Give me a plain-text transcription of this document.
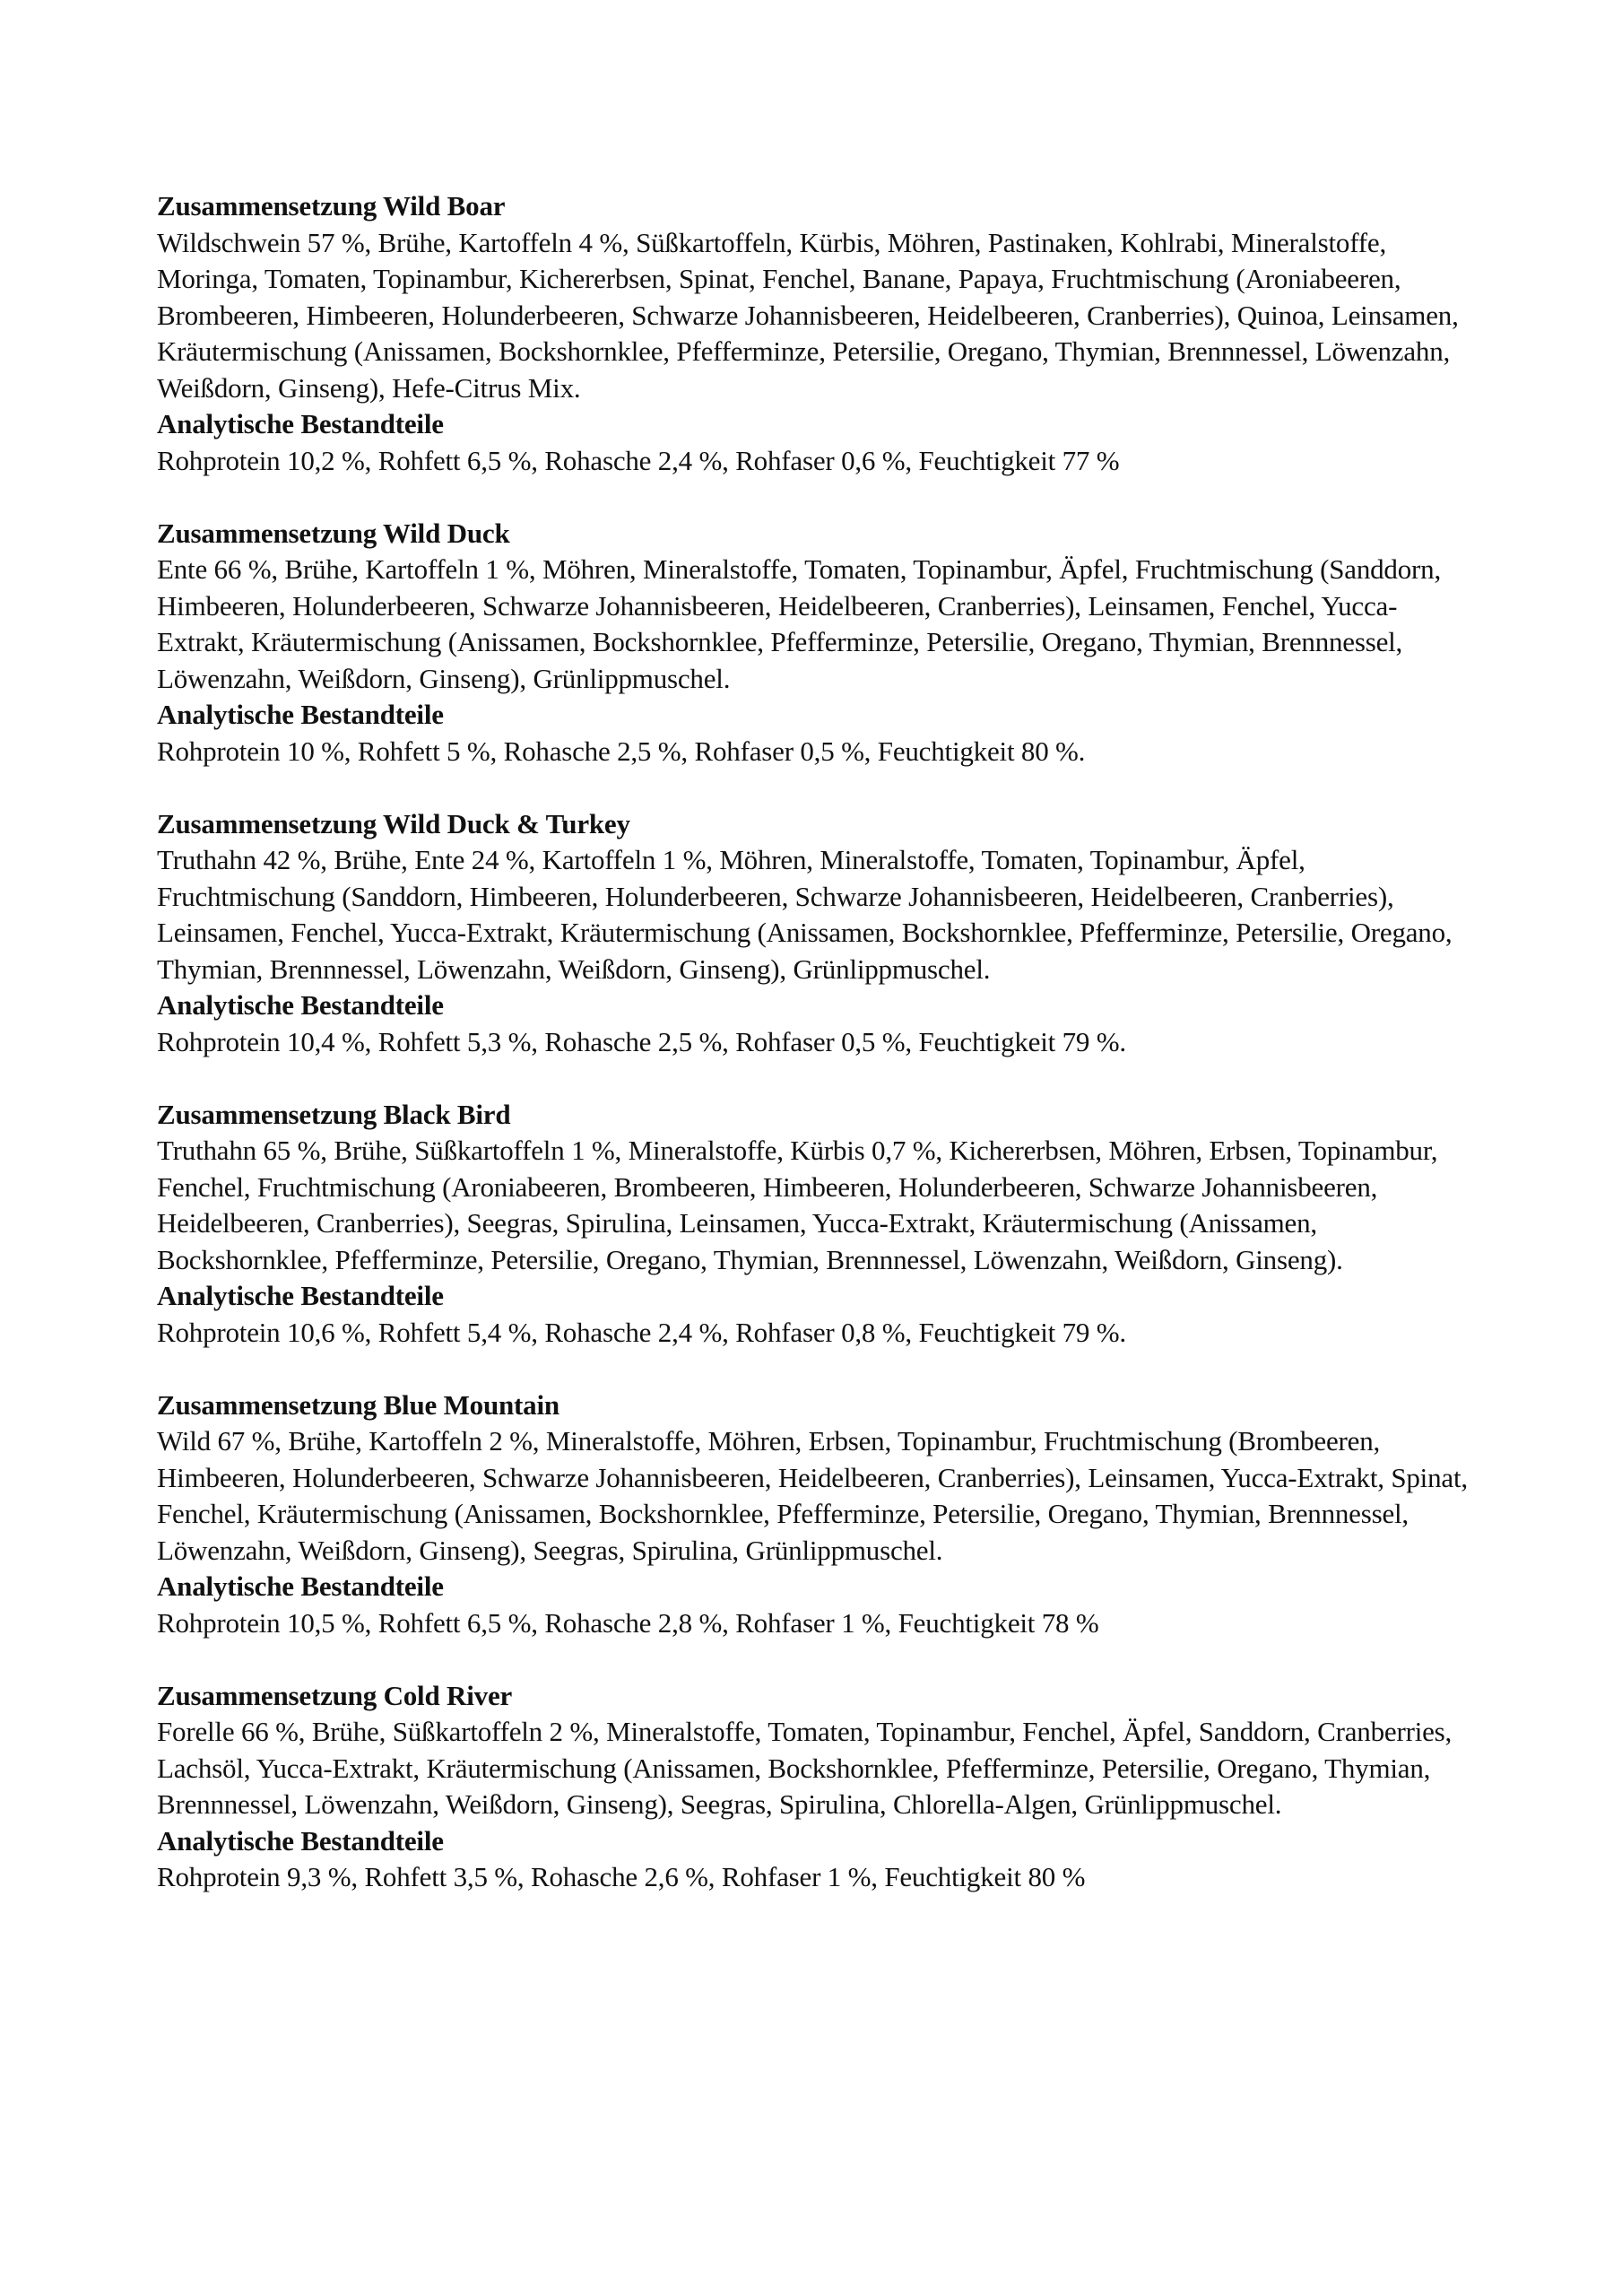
Zusammensetzung Wild Boar
Wildschwein 57 %, Brühe, Kartoffeln 4 %, Süßkartoffeln, Kürbis, Möhren, Pastinaken, Kohlrabi, Mineralstoffe, Moringa, Tomaten, Topinambur, Kichererbsen, Spinat, Fenchel, Banane, Papaya, Fruchtmischung (Aroniabeeren, Brombeeren, Himbeeren, Holunderbeeren, Schwarze Johannisbeeren, Heidelbeeren, Cranberries), Quinoa, Leinsamen, Kräutermischung (Anissamen, Bockshornklee, Pfefferminze, Petersilie, Oregano, Thymian, Brennnessel, Löwenzahn, Weißdorn, Ginseng), Hefe-Citrus Mix.
Analytische Bestandteile
Rohprotein 10,2 %, Rohfett 6,5 %, Rohasche 2,4 %, Rohfaser 0,6 %, Feuchtigkeit 77 %
Zusammensetzung Wild Duck
Ente 66 %, Brühe, Kartoffeln 1 %, Möhren, Mineralstoffe, Tomaten, Topinambur, Äpfel, Fruchtmischung (Sanddorn, Himbeeren, Holunderbeeren, Schwarze Johannisbeeren, Heidelbeeren, Cranberries), Leinsamen, Fenchel, Yucca-Extrakt, Kräutermischung (Anissamen, Bockshornklee, Pfefferminze, Petersilie, Oregano, Thymian, Brennnessel, Löwenzahn, Weißdorn, Ginseng), Grünlippmuschel.
Analytische Bestandteile
Rohprotein 10 %, Rohfett 5 %, Rohasche 2,5 %, Rohfaser 0,5 %, Feuchtigkeit 80 %.
Zusammensetzung Wild Duck & Turkey
Truthahn 42 %, Brühe, Ente 24 %, Kartoffeln 1 %, Möhren, Mineralstoffe, Tomaten, Topinambur, Äpfel, Fruchtmischung (Sanddorn, Himbeeren, Holunderbeeren, Schwarze Johannisbeeren, Heidelbeeren, Cranberries), Leinsamen, Fenchel, Yucca-Extrakt, Kräutermischung (Anissamen, Bockshornklee, Pfefferminze, Petersilie, Oregano, Thymian, Brennnessel, Löwenzahn, Weißdorn, Ginseng), Grünlippmuschel.
Analytische Bestandteile
Rohprotein 10,4 %, Rohfett 5,3 %, Rohasche 2,5 %, Rohfaser 0,5 %, Feuchtigkeit 79 %.
Zusammensetzung Black Bird
Truthahn 65 %, Brühe, Süßkartoffeln 1 %, Mineralstoffe, Kürbis 0,7 %, Kichererbsen, Möhren, Erbsen, Topinambur, Fenchel, Fruchtmischung (Aroniabeeren, Brombeeren, Himbeeren, Holunderbeeren, Schwarze Johannisbeeren, Heidelbeeren, Cranberries), Seegras, Spirulina, Leinsamen, Yucca-Extrakt, Kräutermischung (Anissamen, Bockshornklee, Pfefferminze, Petersilie, Oregano, Thymian, Brennnessel, Löwenzahn, Weißdorn, Ginseng).
Analytische Bestandteile
Rohprotein 10,6 %, Rohfett 5,4 %, Rohasche 2,4 %, Rohfaser 0,8 %, Feuchtigkeit 79 %.
Zusammensetzung Blue Mountain
Wild 67 %, Brühe, Kartoffeln 2 %, Mineralstoffe, Möhren, Erbsen, Topinambur, Fruchtmischung (Brombeeren, Himbeeren, Holunderbeeren, Schwarze Johannisbeeren, Heidelbeeren, Cranberries), Leinsamen, Yucca-Extrakt, Spinat, Fenchel, Kräutermischung (Anissamen, Bockshornklee, Pfefferminze, Petersilie, Oregano, Thymian, Brennnessel, Löwenzahn, Weißdorn, Ginseng), Seegras, Spirulina, Grünlippmuschel.
Analytische Bestandteile
Rohprotein 10,5 %, Rohfett 6,5 %, Rohasche 2,8 %, Rohfaser 1 %, Feuchtigkeit 78 %
Zusammensetzung Cold River
Forelle 66 %, Brühe, Süßkartoffeln 2 %, Mineralstoffe, Tomaten, Topinambur, Fenchel, Äpfel, Sanddorn, Cranberries, Lachsöl, Yucca-Extrakt, Kräutermischung (Anissamen, Bockshornklee, Pfefferminze, Petersilie, Oregano, Thymian, Brennnessel, Löwenzahn, Weißdorn, Ginseng), Seegras, Spirulina, Chlorella-Algen, Grünlippmuschel.
Analytische Bestandteile
Rohprotein 9,3 %, Rohfett 3,5 %, Rohasche 2,6 %, Rohfaser 1 %, Feuchtigkeit 80 %
